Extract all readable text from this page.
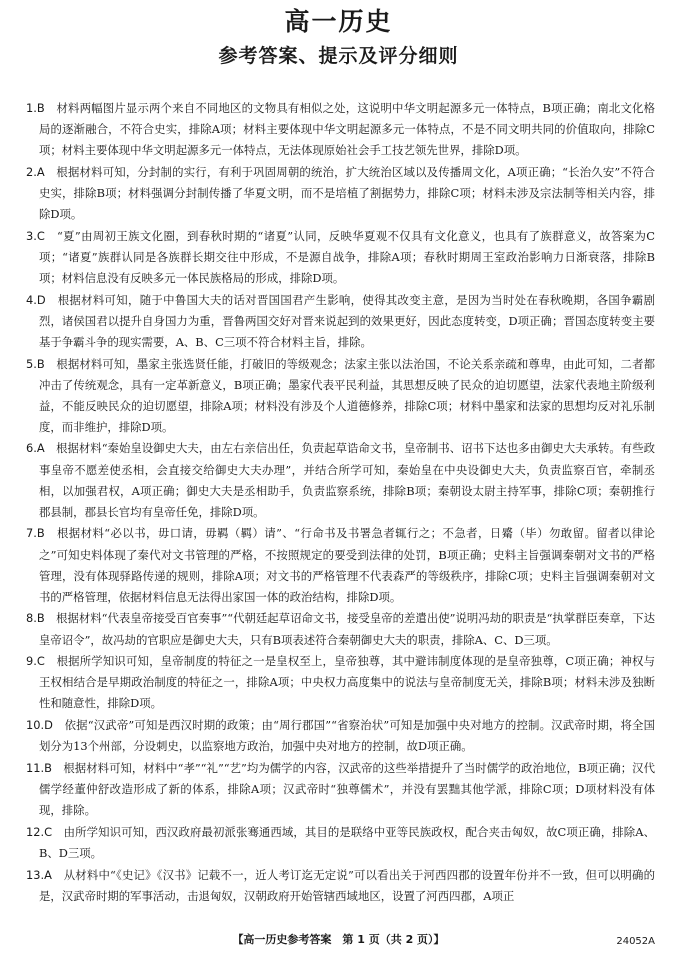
高一历史
参考答案、提示及评分细则

1.B　 材料两幅图片显示两个来自不同地区的文物具有相似之处，这说明中华文明起源多元一体特点，B项正确；南北文化格局的逐渐融合，不符合史实，排除A项；材料主要体现中华文明起源多元一体特点，不是不同文明共同的价值取向，排除C项；材料主要体现中华文明起源多元一体特点，无法体现原始社会手工技艺领先世界，排除D项。

2.A　 根据材料可知，分封制的实行，有利于巩固周朝的统治，扩大统治区域以及传播周文化，A项正确；“长治久安”不符合史实，排除B项；材料强调分封制传播了华夏文明，而不是培植了割据势力，排除C项；材料未涉及宗法制等相关内容，排除D项。

3.C　 “夏”由周初王族文化圈，到春秋时期的“诸夏”认同，反映华夏观不仅具有文化意义，也具有了族群意义，故答案为C项；“诸夏”族群认同是各族群长期交往中形成，不是源自战争，排除A项；春秋时期周王室政治影响力日渐衰落，排除B项；材料信息没有反映多元一体民族格局的形成，排除D项。

4.D　 根据材料可知，随于中鲁国大夫的话对晋国国君产生影响，使得其改变主意，是因为当时处在春秋晚期，各国争霸剧烈，诸侯国君以提升自身国力为重，晋鲁两国交好对晋来说起到的效果更好，因此态度转变，D项正确；晋国态度转变主要基于争霸斗争的现实需要，A、B、C三项不符合材料主旨，排除。

5.B　 根据材料可知，墨家主张选贤任能，打破旧的等级观念；法家主张以法治国，不论关系亲疏和尊卑，由此可知，二者都冲击了传统观念，具有一定革新意义，B项正确；墨家代表平民利益，其思想反映了民众的迫切愿望，法家代表地主阶级利益，不能反映民众的迫切愿望，排除A项；材料没有涉及个人道德修养，排除C项；材料中墨家和法家的思想均反对礼乐制度，而非维护，排除D项。

6.A　 根据材料“秦始皇设御史大夫，由左右亲信出任，负责起草诰命文书，皇帝制书、诏书下达也多由御史大夫承转。有些政事皇帝不愿差使丞相，会直接交给御史大夫办理”，并结合所学可知，秦始皇在中央设御史大夫，负责监察百官，牵制丞相，以加强君权，A项正确；御史大夫是丞相助手，负责监察系统，排除B项；秦朝设太尉主持军事，排除C项；秦朝推行郡县制，郡县长官均有皇帝任免，排除D项。

7.B　 根据材料“必以书，毋口请，毋羁（羁）请”、“行命书及书署急者辄行之；不急者，日觱（毕）勿敢留。留者以律论之”可知史料体现了秦代对文书管理的严格，不按照规定的要受到法律的处罚，B项正确；史料主旨强调秦朝对文书的严格管理，没有体现驿路传递的规则，排除A项；对文书的严格管理不代表森严的等级秩序，排除C项；史料主旨强调秦朝对文书的严格管理，依据材料信息无法得出家国一体的政治结构，排除D项。

8.B　 根据材料“代表皇帝接受百官奏事”“代朝廷起草诏命文书，接受皇帝的差遣出使”说明冯劫的职责是“执掌群臣奏章，下达皇帝诏令”，故冯劫的官职应是御史大夫，只有B项表述符合秦朝御史大夫的职责，排除A、C、D三项。

9.C　 根据所学知识可知，皇帝制度的特征之一是皇权至上，皇帝独尊，其中避讳制度体现的是皇帝独尊，C项正确；神权与王权相结合是早期政治制度的特征之一，排除A项；中央权力高度集中的说法与皇帝制度无关，排除B项；材料未涉及独断性和随意性，排除D项。

10.D　 依据“汉武帝”可知是西汉时期的政策；由“周行郡国”“省察治状”可知是加强中央对地方的控制。汉武帝时期，将全国划分为13个州部，分设刺史，以监察地方政治，加强中央对地方的控制，故D项正确。

11.B　 根据材料可知，材料中“孝”“礼”“艺”均为儒学的内容，汉武帝的这些举措提升了当时儒学的政治地位，B项正确；汉代儒学经董仲舒改造形成了新的体系，排除A项；汉武帝时“独尊儒术”，并没有罢黜其他学派，排除C项；D项材料没有体现，排除。

12.C　 由所学知识可知，西汉政府最初派张骞通西域，其目的是联络中亚等民族政权，配合夹击匈奴，故C项正确，排除A、B、D三项。

13.A　 从材料中“《史记》《汉书》记载不一，近人考订迄无定说”可以看出关于河西四郡的设置年份并不一致，但可以明确的是，汉武帝时期的军事活动，击退匈奴，汉朝政府开始管辖西域地区，设置了河西四郡，A项正

【高一历史参考答案　第 1 页（共 2 页）】	24052A
